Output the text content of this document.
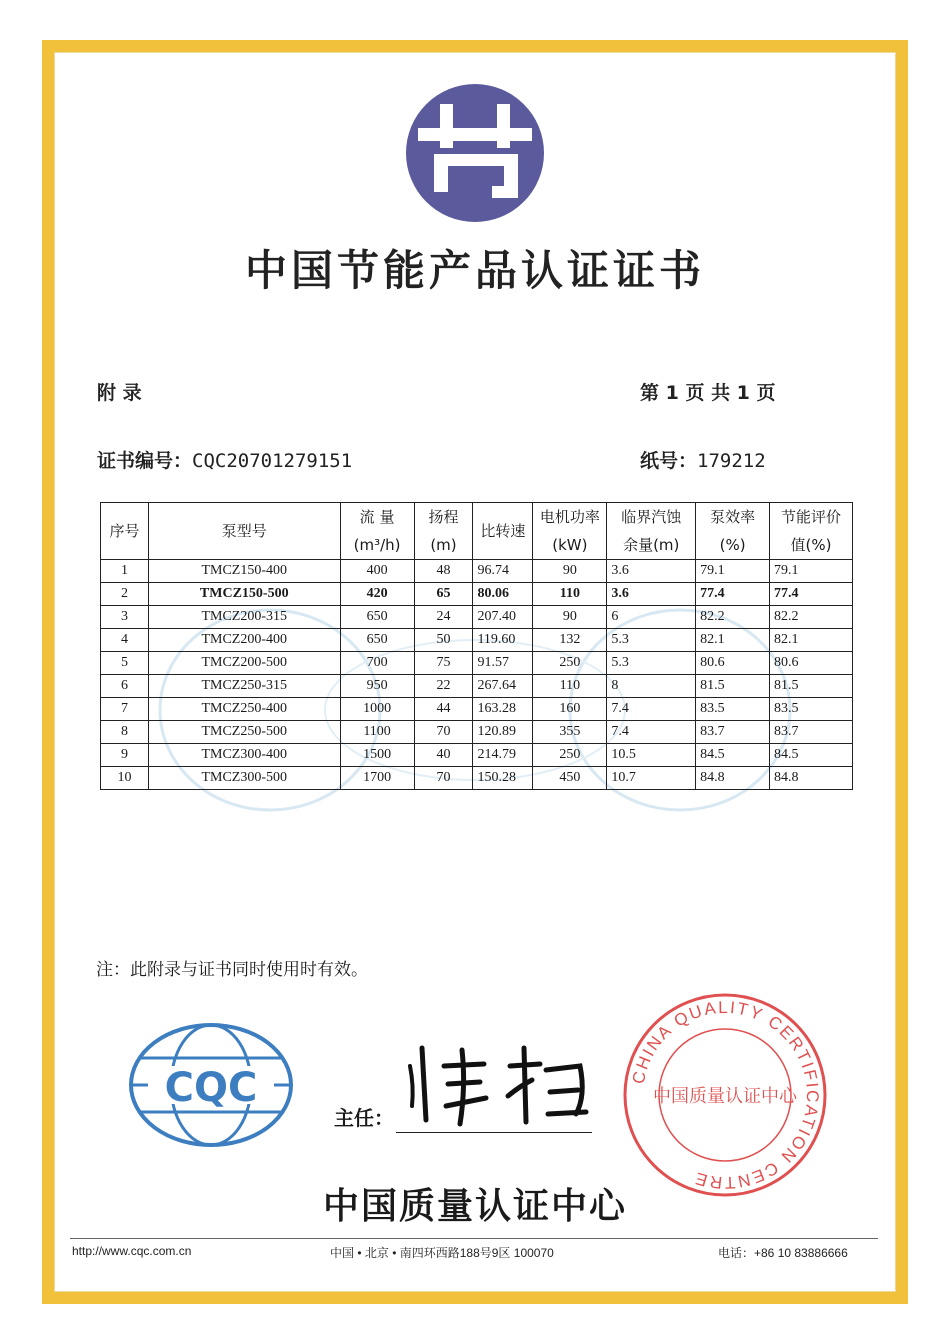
中国节能产品认证证书
附 录	第 1 页 共 1 页
证书编号：CQC20701279151	纸号：179212
序号	泵型号	流 量	扬程	比转速	电机功率	临界汽蚀	泵效率	节能评价
		(m³/h)	(m)		(kW)	余量(m)	(%)	值(%)
1	TMCZ150-400	400	48	96.74	90	3.6	79.1	79.1
2	TMCZ150-500	420	65	80.06	110	3.6	77.4	77.4
3	TMCZ200-315	650	24	207.40	90	6	82.2	82.2
4	TMCZ200-400	650	50	119.60	132	5.3	82.1	82.1
5	TMCZ200-500	700	75	91.57	250	5.3	80.6	80.6
6	TMCZ250-315	950	22	267.64	110	8	81.5	81.5
7	TMCZ250-400	1000	44	163.28	160	7.4	83.5	83.5
8	TMCZ250-500	1100	70	120.89	355	7.4	83.7	83.7
9	TMCZ300-400	1500	40	214.79	250	10.5	84.5	84.5
10	TMCZ300-500	1700	70	150.28	450	10.7	84.8	84.8
注：此附录与证书同时使用时有效。
CQC
主任：
CHINA QUALITY CERTIFICATION CENTRE
中国质量认证中心
中国质量认证中心
http://www.cqc.com.cn	中国 • 北京 • 南四环西路188号9区 100070	电话：+86 10 83886666
